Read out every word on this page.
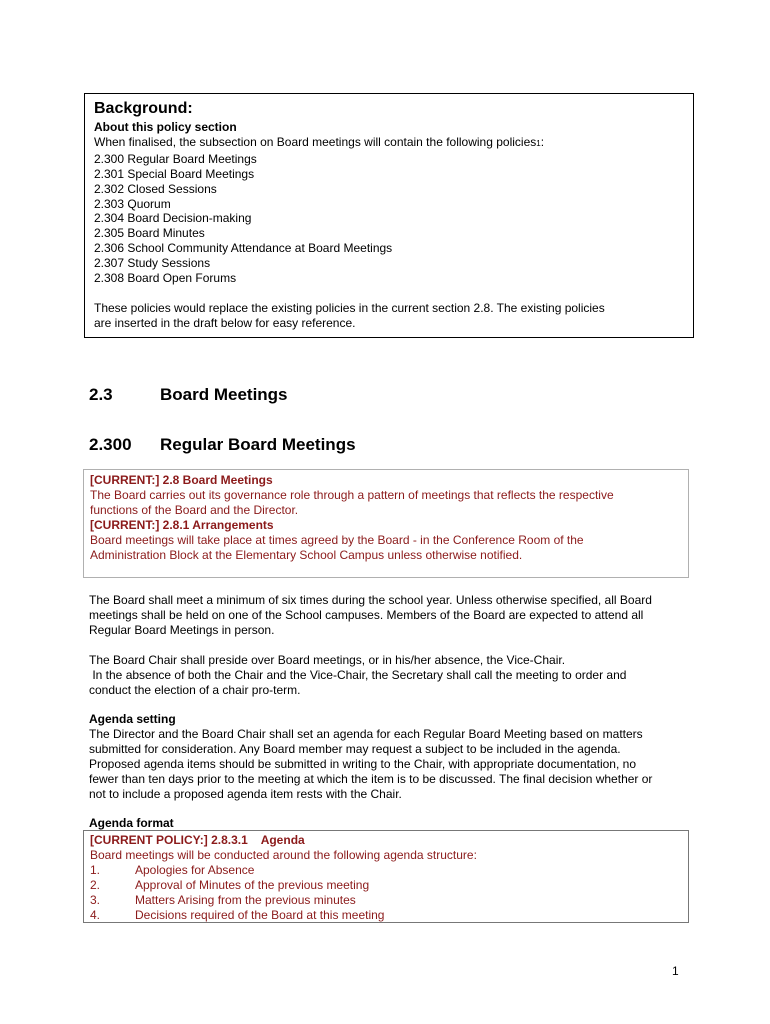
Background:
About this policy section
When finalised, the subsection on Board meetings will contain the following policies1:
2.300 Regular Board Meetings
2.301 Special Board Meetings
2.302 Closed Sessions
2.303 Quorum
2.304 Board Decision-making
2.305 Board Minutes
2.306 School Community Attendance at Board Meetings
2.307 Study Sessions
2.308 Board Open Forums
These policies would replace the existing policies in the current section 2.8. The existing policies
are inserted in the draft below for easy reference.
2.3	Board Meetings
2.300 Regular Board Meetings
[CURRENT:] 2.8 Board Meetings
The Board carries out its governance role through a pattern of meetings that reflects the respective
functions of the Board and the Director.
[CURRENT:] 2.8.1 Arrangements
Board meetings will take place at times agreed by the Board - in the Conference Room of the
Administration Block at the Elementary School Campus unless otherwise notified.
The Board shall meet a minimum of six times during the school year. Unless otherwise specified, all Board
meetings shall be held on one of the School campuses. Members of the Board are expected to attend all
Regular Board Meetings in person.
The Board Chair shall preside over Board meetings, or in his/her absence, the Vice-Chair.
In the absence of both the Chair and the Vice-Chair, the Secretary shall call the meeting to order and
conduct the election of a chair pro-term.
Agenda setting
The Director and the Board Chair shall set an agenda for each Regular Board Meeting based on matters
submitted for consideration. Any Board member may request a subject to be included in the agenda.
Proposed agenda items should be submitted in writing to the Chair, with appropriate documentation, no
fewer than ten days prior to the meeting at which the item is to be discussed. The final decision whether or
not to include a proposed agenda item rests with the Chair.
Agenda format
[CURRENT POLICY:] 2.8.3.1    Agenda
Board meetings will be conducted around the following agenda structure:
1.	Apologies for Absence
2.	Approval of Minutes of the previous meeting
3.	Matters Arising from the previous minutes
4.	Decisions required of the Board at this meeting
1
